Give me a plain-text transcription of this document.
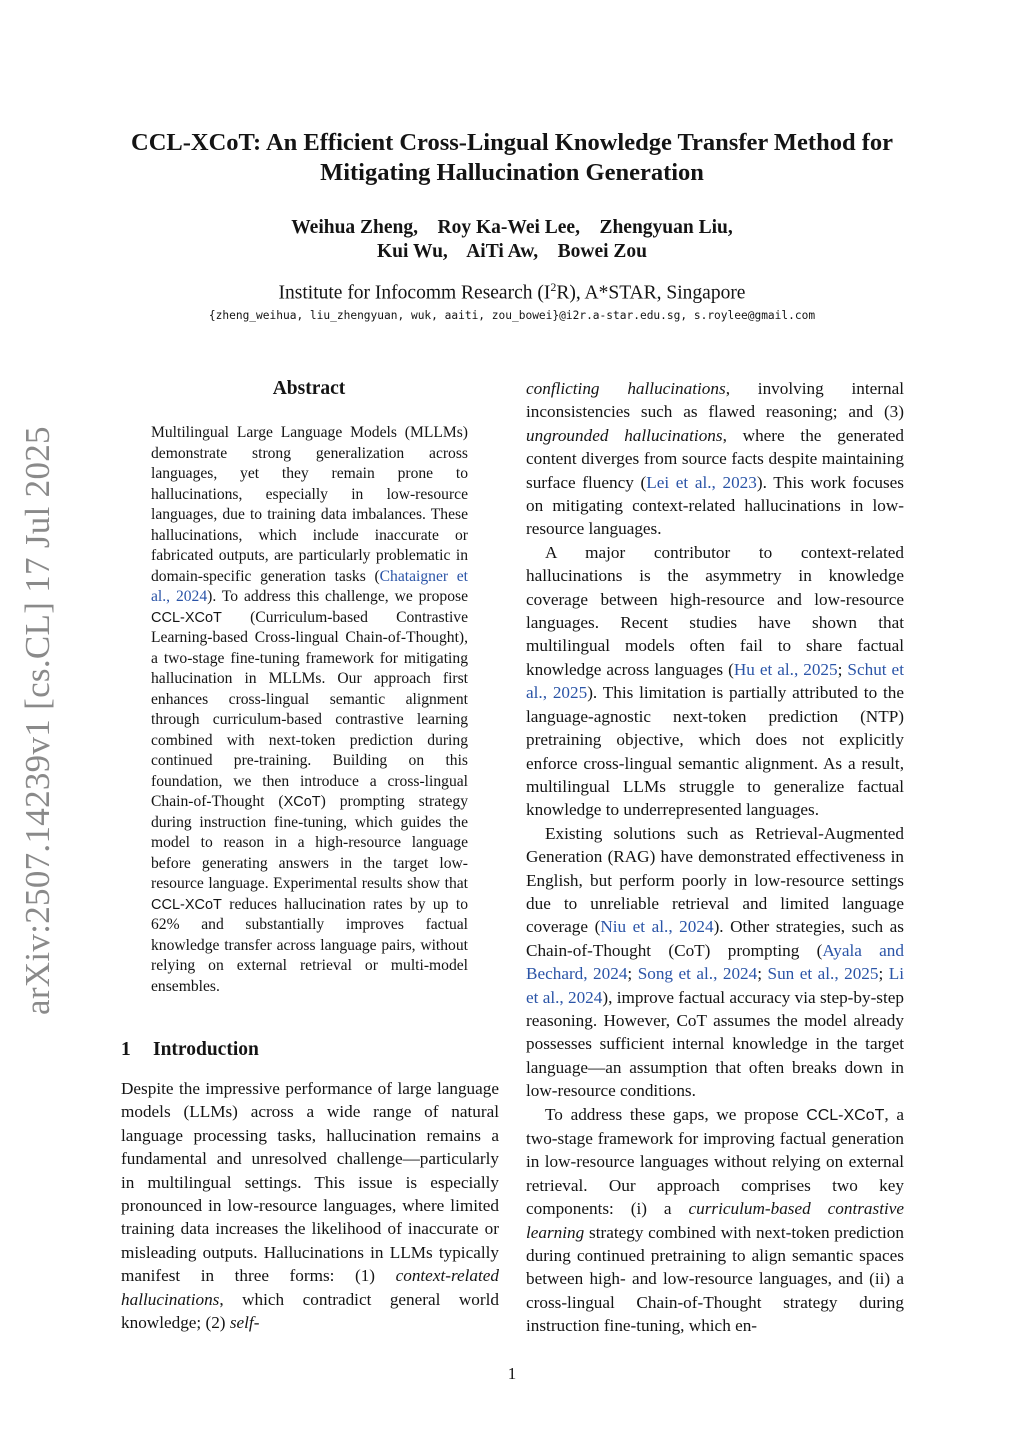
arXiv:2507.14239v1 [cs.CL] 17 Jul 2025
CCL-XCoT: An Efficient Cross-Lingual Knowledge Transfer Method for
Mitigating Hallucination Generation
Weihua Zheng,    Roy Ka-Wei Lee,    Zhengyuan Liu,
Kui Wu,    AiTi Aw,    Bowei Zou
Institute for Infocomm Research $(I^2R)$, A*STAR, Singapore
{zheng_weihua, liu_zhengyuan, wuk, aaiti, zou_bowei}@i2r.a-star.edu.sg, s.roylee@gmail.com
Abstract
Multilingual Large Language Models (MLLMs) demonstrate strong generalization across languages, yet they remain prone to hallucinations, especially in low-resource languages, due to training data imbalances. These hallucinations, which include inaccurate or fabricated outputs, are particularly problematic in domain-specific generation tasks (Chataigner et al., 2024). To address this challenge, we propose CCL-XCoT (Curriculum-based Contrastive Learning-based Cross-lingual Chain-of-Thought), a two-stage fine-tuning framework for mitigating hallucination in MLLMs. Our approach first enhances cross-lingual semantic alignment through curriculum-based contrastive learning combined with next-token prediction during continued pre-training. Building on this foundation, we then introduce a cross-lingual Chain-of-Thought (XCoT) prompting strategy during instruction fine-tuning, which guides the model to reason in a high-resource language before generating answers in the target low-resource language. Experimental results show that CCL-XCoT reduces hallucination rates by up to 62% and substantially improves factual knowledge transfer across language pairs, without relying on external retrieval or multi-model ensembles.
1 Introduction

Despite the impressive performance of large language models (LLMs) across a wide range of natural language processing tasks, hallucination remains a fundamental and unresolved challenge—particularly in multilingual settings. This issue is especially pronounced in low-resource languages, where limited training data increases the likelihood of inaccurate or misleading outputs. Hallucinations in LLMs typically manifest in three forms: (1) context-related hallucinations, which contradict general world knowledge; (2) self-

conflicting hallucinations, involving internal inconsistencies such as flawed reasoning; and (3) ungrounded hallucinations, where the generated content diverges from source facts despite maintaining surface fluency (Lei et al., 2023). This work focuses on mitigating context-related hallucinations in low-resource languages.

A major contributor to context-related hallucinations is the asymmetry in knowledge coverage between high-resource and low-resource languages. Recent studies have shown that multilingual models often fail to share factual knowledge across languages (Hu et al., 2025; Schut et al., 2025). This limitation is partially attributed to the language-agnostic next-token prediction (NTP) pretraining objective, which does not explicitly enforce cross-lingual semantic alignment. As a result, multilingual LLMs struggle to generalize factual knowledge to underrepresented languages.

Existing solutions such as Retrieval-Augmented Generation (RAG) have demonstrated effectiveness in English, but perform poorly in low-resource settings due to unreliable retrieval and limited language coverage (Niu et al., 2024). Other strategies, such as Chain-of-Thought (CoT) prompting (Ayala and Bechard, 2024; Song et al., 2024; Sun et al., 2025; Li et al., 2024), improve factual accuracy via step-by-step reasoning. However, CoT assumes the model already possesses sufficient internal knowledge in the target language—an assumption that often breaks down in low-resource conditions.

To address these gaps, we propose CCL-XCoT, a two-stage framework for improving factual generation in low-resource languages without relying on external retrieval. Our approach comprises two key components: (i) a curriculum-based contrastive learning strategy combined with next-token prediction during continued pretraining to align semantic spaces between high- and low-resource languages, and (ii) a cross-lingual Chain-of-Thought strategy during instruction fine-tuning, which en-

1
